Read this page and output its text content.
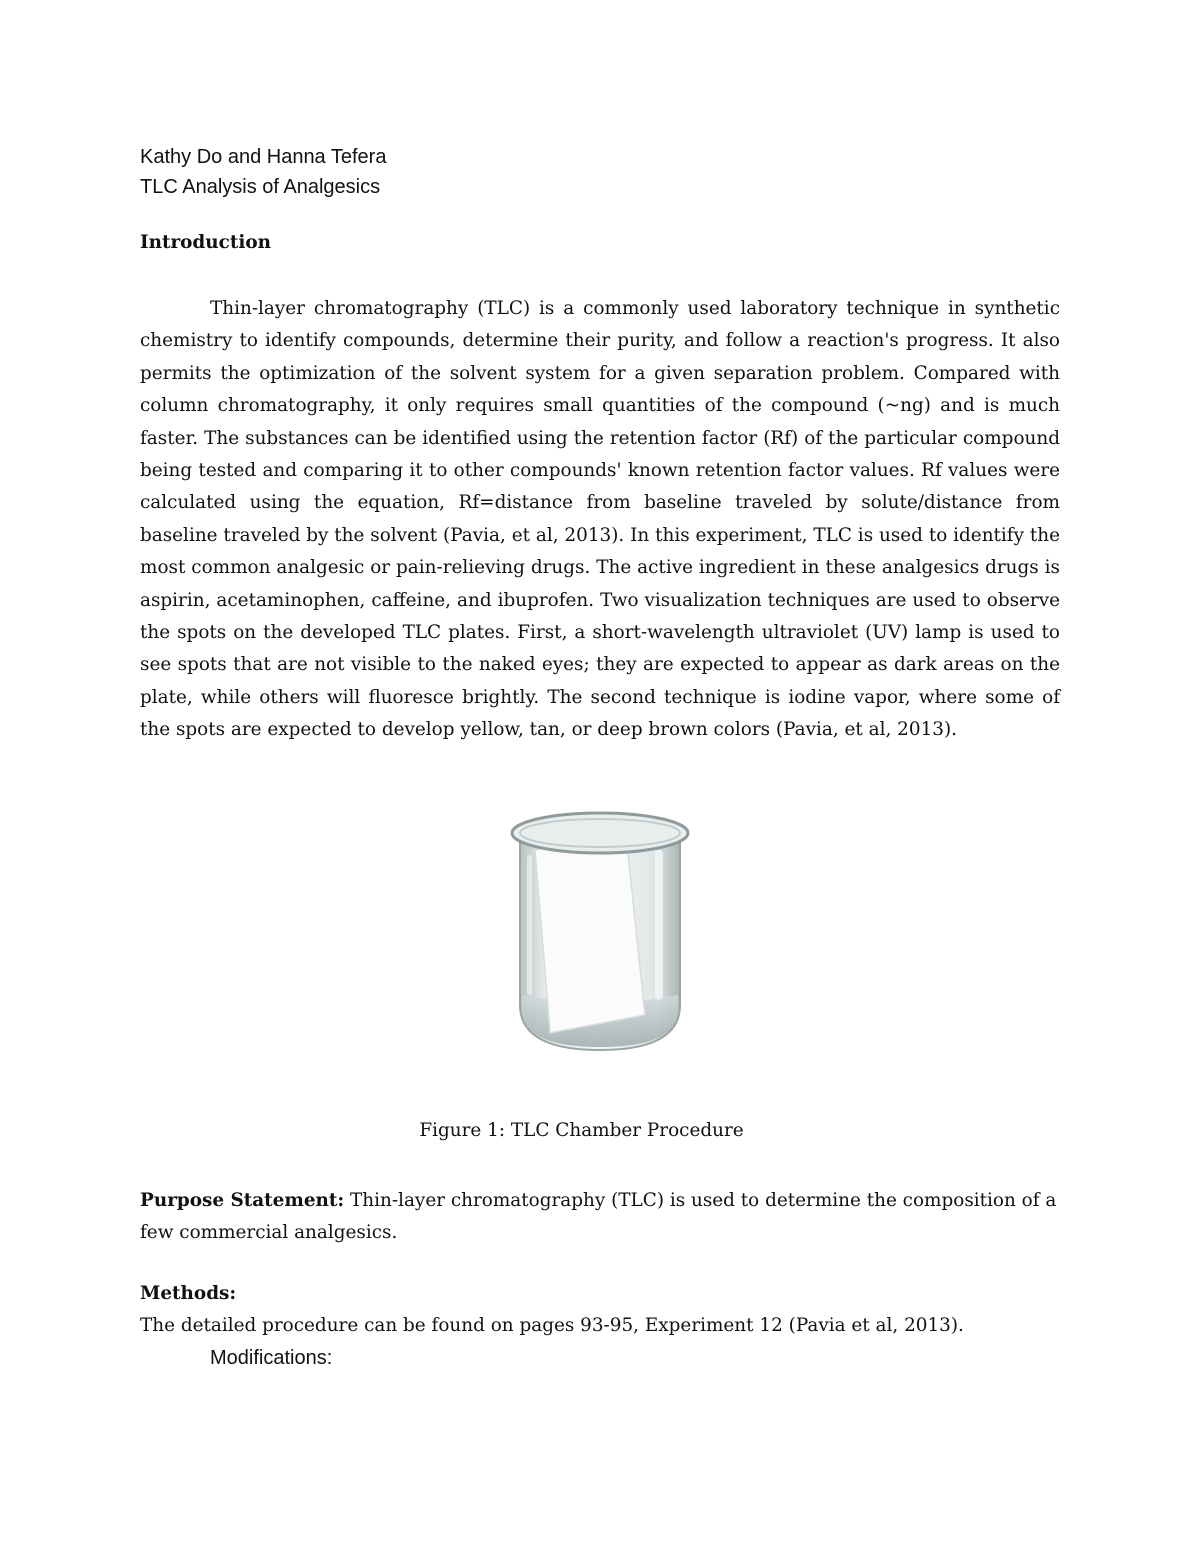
Kathy Do and Hanna Tefera
TLC Analysis of Analgesics
Introduction

Thin-layer chromatography (TLC) is a commonly used laboratory technique in synthetic chemistry to identify compounds, determine their purity, and follow a reaction's progress. It also permits the optimization of the solvent system for a given separation problem. Compared with column chromatography, it only requires small quantities of the compound (~ng) and is much faster. The substances can be identified using the retention factor (Rf) of the particular compound being tested and comparing it to other compounds' known retention factor values. Rf values were calculated using the equation, Rf=distance from baseline traveled by solute/distance from baseline traveled by the solvent (Pavia, et al, 2013). In this experiment, TLC is used to identify the most common analgesic or pain-relieving drugs. The active ingredient in these analgesics drugs is aspirin, acetaminophen, caffeine, and ibuprofen. Two visualization techniques are used to observe the spots on the developed TLC plates. First, a short-wavelength ultraviolet (UV) lamp is used to see spots that are not visible to the naked eyes; they are expected to appear as dark areas on the plate, while others will fluoresce brightly. The second technique is iodine vapor, where some of the spots are expected to develop yellow, tan, or deep brown colors (Pavia, et al, 2013).

Figure 1: TLC Chamber Procedure

Purpose Statement: Thin-layer chromatography (TLC) is used to determine the composition of a few commercial analgesics.

Methods:
The detailed procedure can be found on pages 93-95, Experiment 12 (Pavia et al, 2013).
Modifications:
